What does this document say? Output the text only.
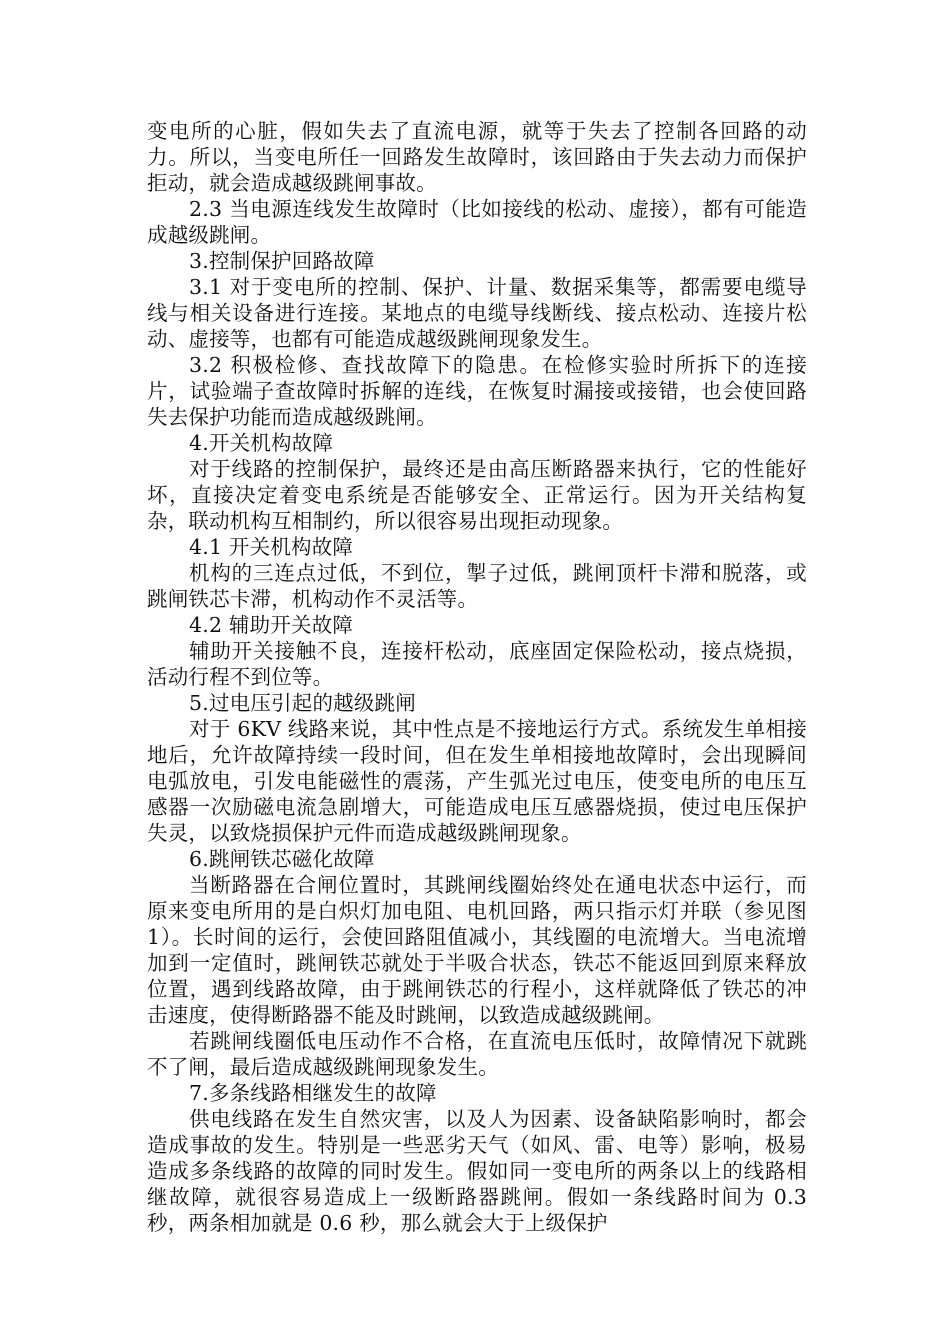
变电所的心脏，假如失去了直流电源，就等于失去了控制各回路的动力。所以，当变电所任一回路发生故障时，该回路由于失去动力而保护拒动，就会造成越级跳闸事故。

2.3 当电源连线发生故障时（比如接线的松动、虚接），都有可能造成越级跳闸。

3.控制保护回路故障

3.1 对于变电所的控制、保护、计量、数据采集等，都需要电缆导线与相关设备进行连接。某地点的电缆导线断线、接点松动、连接片松动、虚接等，也都有可能造成越级跳闸现象发生。

3.2 积极检修、查找故障下的隐患。在检修实验时所拆下的连接片，试验端子查故障时拆解的连线，在恢复时漏接或接错，也会使回路失去保护功能而造成越级跳闸。

4.开关机构故障

对于线路的控制保护，最终还是由高压断路器来执行，它的性能好坏，直接决定着变电系统是否能够安全、正常运行。因为开关结构复杂，联动机构互相制约，所以很容易出现拒动现象。

4.1 开关机构故障

机构的三连点过低，不到位，掣子过低，跳闸顶杆卡滞和脱落，或跳闸铁芯卡滞，机构动作不灵活等。

4.2 辅助开关故障

辅助开关接触不良，连接杆松动，底座固定保险松动，接点烧损，活动行程不到位等。

5.过电压引起的越级跳闸

对于 6KV 线路来说，其中性点是不接地运行方式。系统发生单相接地后，允许故障持续一段时间，但在发生单相接地故障时，会出现瞬间电弧放电，引发电能磁性的震荡，产生弧光过电压，使变电所的电压互感器一次励磁电流急剧增大，可能造成电压互感器烧损，使过电压保护失灵，以致烧损保护元件而造成越级跳闸现象。

6.跳闸铁芯磁化故障

当断路器在合闸位置时，其跳闸线圈始终处在通电状态中运行，而原来变电所用的是白炽灯加电阻、电机回路，两只指示灯并联（参见图 1）。长时间的运行，会使回路阻值减小，其线圈的电流增大。当电流增加到一定值时，跳闸铁芯就处于半吸合状态，铁芯不能返回到原来释放位置，遇到线路故障，由于跳闸铁芯的行程小，这样就降低了铁芯的冲击速度，使得断路器不能及时跳闸，以致造成越级跳闸。

若跳闸线圈低电压动作不合格，在直流电压低时，故障情况下就跳不了闸，最后造成越级跳闸现象发生。

7.多条线路相继发生的故障

供电线路在发生自然灾害，以及人为因素、设备缺陷影响时，都会造成事故的发生。特别是一些恶劣天气（如风、雷、电等）影响，极易造成多条线路的故障的同时发生。假如同一变电所的两条以上的线路相继故障，就很容易造成上一级断路器跳闸。假如一条线路时间为 0.3 秒，两条相加就是 0.6 秒，那么就会大于上级保护
